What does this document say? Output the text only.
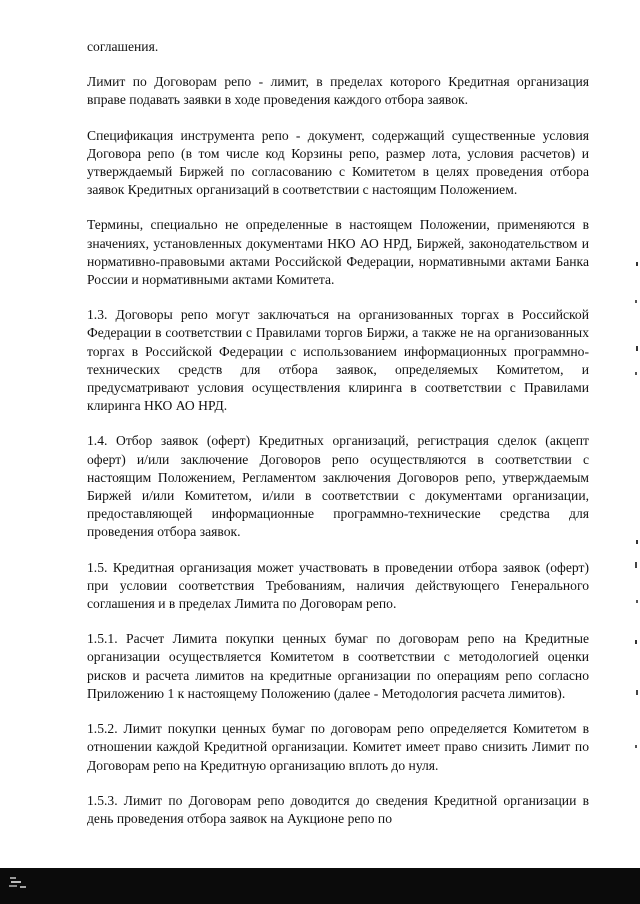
соглашения.

Лимит по Договорам репо - лимит, в пределах которого Кредитная организация вправе подавать заявки в ходе проведения каждого отбора заявок.

Спецификация инструмента репо - документ, содержащий существенные условия Договора репо (в том числе код Корзины репо, размер лота, условия расчетов) и утверждаемый Биржей по согласованию с Комитетом в целях проведения отбора заявок Кредитных организаций в соответствии с настоящим Положением.

Термины, специально не определенные в настоящем Положении, применяются в значениях, установленных документами НКО АО НРД, Биржей, законодательством и нормативно-правовыми актами Российской Федерации, нормативными актами Банка России и нормативными актами Комитета.

1.3. Договоры репо могут заключаться на организованных торгах в Российской Федерации в соответствии с Правилами торгов Биржи, а также не на организованных торгах в Российской Федерации с использованием информационных программно-технических средств для отбора заявок, определяемых Комитетом, и предусматривают условия осуществления клиринга в соответствии с Правилами клиринга НКО АО НРД.

1.4. Отбор заявок (оферт) Кредитных организаций, регистрация сделок (акцепт оферт) и/или заключение Договоров репо осуществляются в соответствии с настоящим Положением, Регламентом заключения Договоров репо, утверждаемым Биржей и/или Комитетом, и/или в соответствии с документами организации, предоставляющей информационные программно-технические средства для проведения отбора заявок.

1.5. Кредитная организация может участвовать в проведении отбора заявок (оферт) при условии соответствия Требованиям, наличия действующего Генерального соглашения и в пределах Лимита по Договорам репо.

1.5.1. Расчет Лимита покупки ценных бумаг по договорам репо на Кредитные организации осуществляется Комитетом в соответствии с методологией оценки рисков и расчета лимитов на кредитные организации по операциям репо согласно Приложению 1 к настоящему Положению (далее - Методология расчета лимитов).

1.5.2. Лимит покупки ценных бумаг по договорам репо определяется Комитетом в отношении каждой Кредитной организации. Комитет имеет право снизить Лимит по Договорам репо на Кредитную организацию вплоть до нуля.

1.5.3. Лимит по Договорам репо доводится до сведения Кредитной организации в день проведения отбора заявок на Аукционе репо по
